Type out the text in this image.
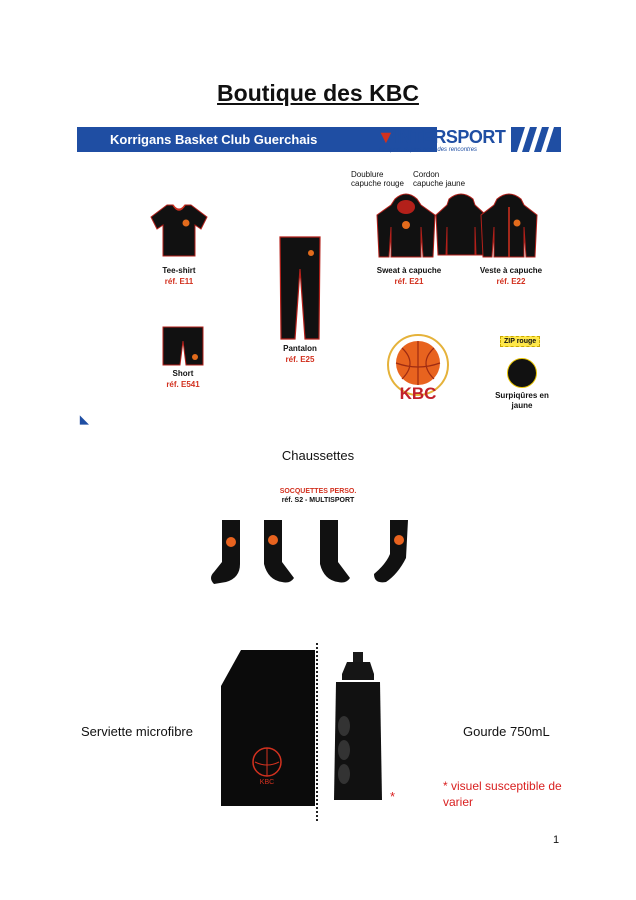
Boutique des KBC
Korrigans Basket Club Guerchais	▼INTERSPORT
Le sport, la plus belle des rencontres
Tee-shirt
réf. E11
Short
réf. E541
Pantalon
réf. E25
Doublure capuche rouge
Cordon capuche jaune
Sweat à capuche
réf. E21
Veste à capuche
réf. E22
KBC
ZIP rouge
Surpiqûres en jaune
◣
Chaussettes
SOCQUETTES PERSO.
réf. S2 - MULTISPORT
KBC
Serviette microfibre	Gourde 750mL
*
* visuel susceptible de varier
1
